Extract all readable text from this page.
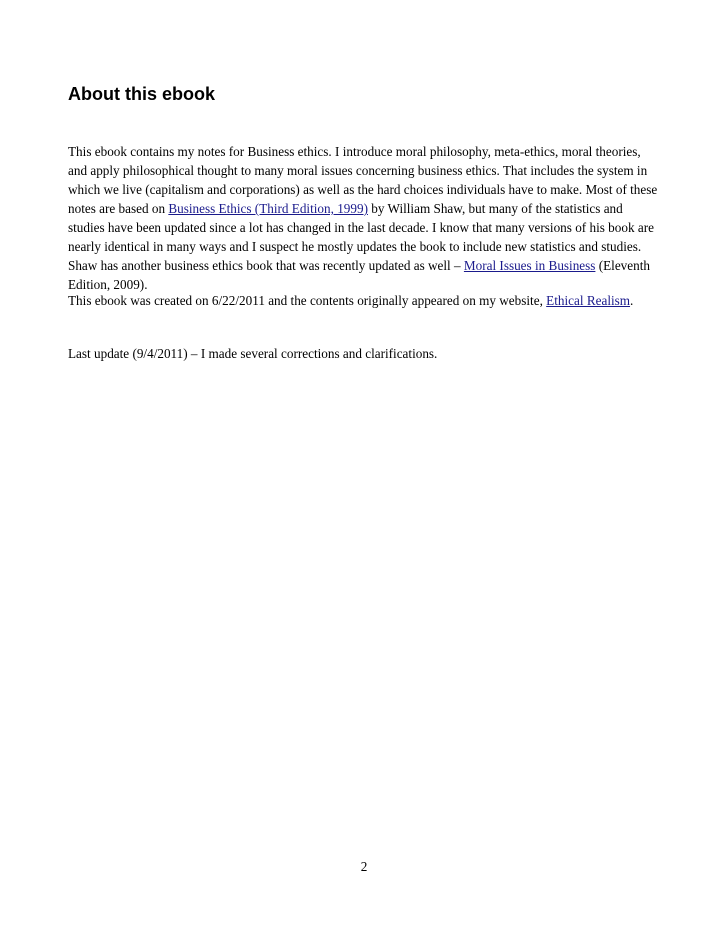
About this ebook

This ebook contains my notes for Business ethics. I introduce moral philosophy, meta-ethics, moral theories, and apply philosophical thought to many moral issues concerning business ethics. That includes the system in which we live (capitalism and corporations) as well as the hard choices individuals have to make. Most of these notes are based on Business Ethics (Third Edition, 1999) by William Shaw, but many of the statistics and studies have been updated since a lot has changed in the last decade. I know that many versions of his book are nearly identical in many ways and I suspect he mostly updates the book to include new statistics and studies. Shaw has another business ethics book that was recently updated as well – Moral Issues in Business (Eleventh Edition, 2009).

This ebook was created on 6/22/2011 and the contents originally appeared on my website, Ethical Realism.

Last update (9/4/2011) – I made several corrections and clarifications.

2
